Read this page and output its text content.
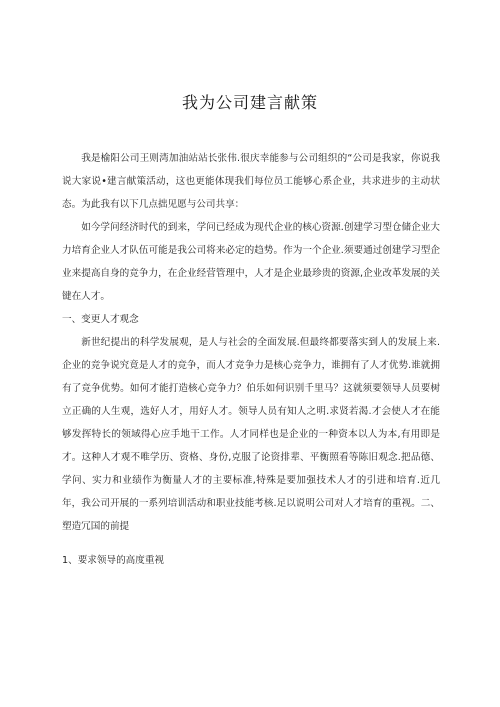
我为公司建言献策

我是榆阳公司王则湾加油站站长张伟.很庆幸能参与公司组织的“公司是我家，你说我说大家说•建言献策活动，这也更能体现我们每位员工能够心系企业，共求进步的主动状态。为此我有以下几点拙见愿与公司共享：

如今学问经济时代的到来，学问已经成为现代企业的核心资源.创建学习型仓储企业大力培育企业人才队伍可能是我公司将来必定的趋势。作为一个企业.须要通过创建学习型企业来提高自身的竞争力，在企业经营管理中，人才是企业最珍贵的资源,企业改革发展的关键在人才。

一、变更人才观念

新世纪提出的科学发展观，是人与社会的全面发展.但最终都要落实到人的发展上来.企业的竞争说究竟是人才的竞争，而人才竞争力是核心竞争力，谁拥有了人才优势.谁就拥有了竞争优势。如何才能打造核心竞争力？伯乐如何识别千里马？这就须要领导人员要树立正确的人生观，选好人才，用好人才。领导人员有知人之明.求贤若渴.才会使人才在能够发挥特长的领域得心应手地干工作。人才同样也是企业的一种资本以人为本,有用即是才。这种人才观不唯学历、资格、身份,克服了论资排辈、平衡照看等陈旧观念.把品德、学问、实力和业绩作为衡量人才的主要标准,特殊是要加强技术人才的引进和培育.近几年，我公司开展的一系列培训活动和职业技能考核.足以说明公司对人才培育的重视。二、塑造冗国的前提

1、要求领导的高度重视
